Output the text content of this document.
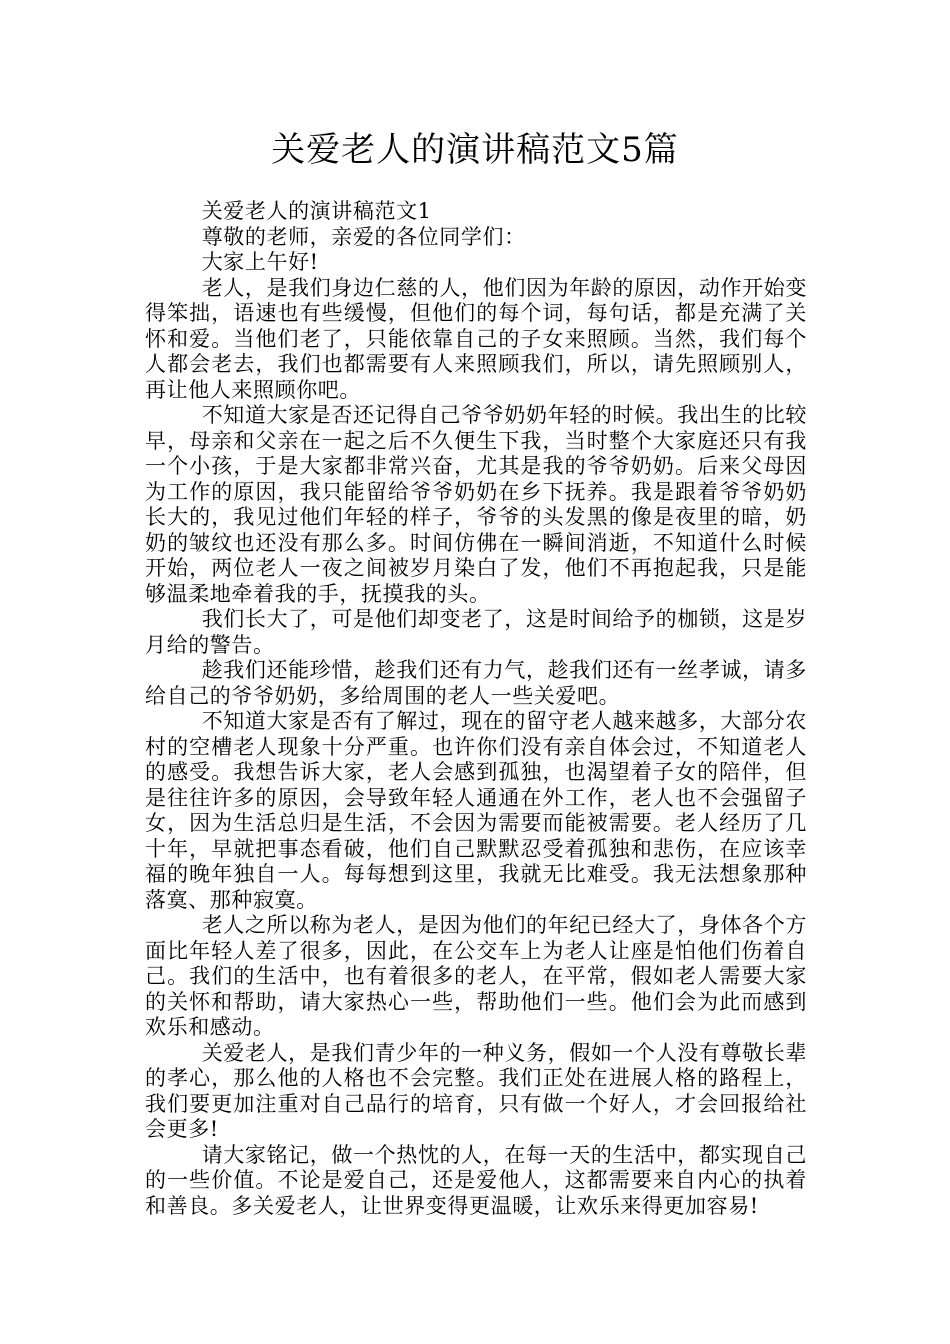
关爱老人的演讲稿范文5篇

关爱老人的演讲稿范文1

尊敬的老师，亲爱的各位同学们：

大家上午好!

老人，是我们身边仁慈的人，他们因为年龄的原因，动作开始变得笨拙，语速也有些缓慢，但他们的每个词，每句话，都是充满了关怀和爱。当他们老了，只能依靠自己的子女来照顾。当然，我们每个人都会老去，我们也都需要有人来照顾我们，所以，请先照顾别人，再让他人来照顾你吧。

不知道大家是否还记得自己爷爷奶奶年轻的时候。我出生的比较早，母亲和父亲在一起之后不久便生下我，当时整个大家庭还只有我一个小孩，于是大家都非常兴奋，尤其是我的爷爷奶奶。后来父母因为工作的原因，我只能留给爷爷奶奶在乡下抚养。我是跟着爷爷奶奶长大的，我见过他们年轻的样子，爷爷的头发黑的像是夜里的暗，奶奶的皱纹也还没有那么多。时间仿佛在一瞬间消逝，不知道什么时候开始，两位老人一夜之间被岁月染白了发，他们不再抱起我，只是能够温柔地牵着我的手，抚摸我的头。

我们长大了，可是他们却变老了，这是时间给予的枷锁，这是岁月给的警告。

趁我们还能珍惜，趁我们还有力气，趁我们还有一丝孝诚，请多给自己的爷爷奶奶，多给周围的老人一些关爱吧。

不知道大家是否有了解过，现在的留守老人越来越多，大部分农村的空槽老人现象十分严重。也许你们没有亲自体会过，不知道老人的感受。我想告诉大家，老人会感到孤独，也渴望着子女的陪伴，但是往往许多的原因，会导致年轻人通通在外工作，老人也不会强留子女，因为生活总归是生活，不会因为需要而能被需要。老人经历了几十年，早就把事态看破，他们自己默默忍受着孤独和悲伤，在应该幸福的晚年独自一人。每每想到这里，我就无比难受。我无法想象那种落寞、那种寂寞。

老人之所以称为老人，是因为他们的年纪已经大了，身体各个方面比年轻人差了很多，因此，在公交车上为老人让座是怕他们伤着自己。我们的生活中，也有着很多的老人，在平常，假如老人需要大家的关怀和帮助，请大家热心一些，帮助他们一些。他们会为此而感到欢乐和感动。

关爱老人，是我们青少年的一种义务，假如一个人没有尊敬长辈的孝心，那么他的人格也不会完整。我们正处在进展人格的路程上，我们要更加注重对自己品行的培育，只有做一个好人，才会回报给社会更多!

请大家铭记，做一个热忱的人，在每一天的生活中，都实现自己的一些价值。不论是爱自己，还是爱他人，这都需要来自内心的执着和善良。多关爱老人，让世界变得更温暖，让欢乐来得更加容易!
